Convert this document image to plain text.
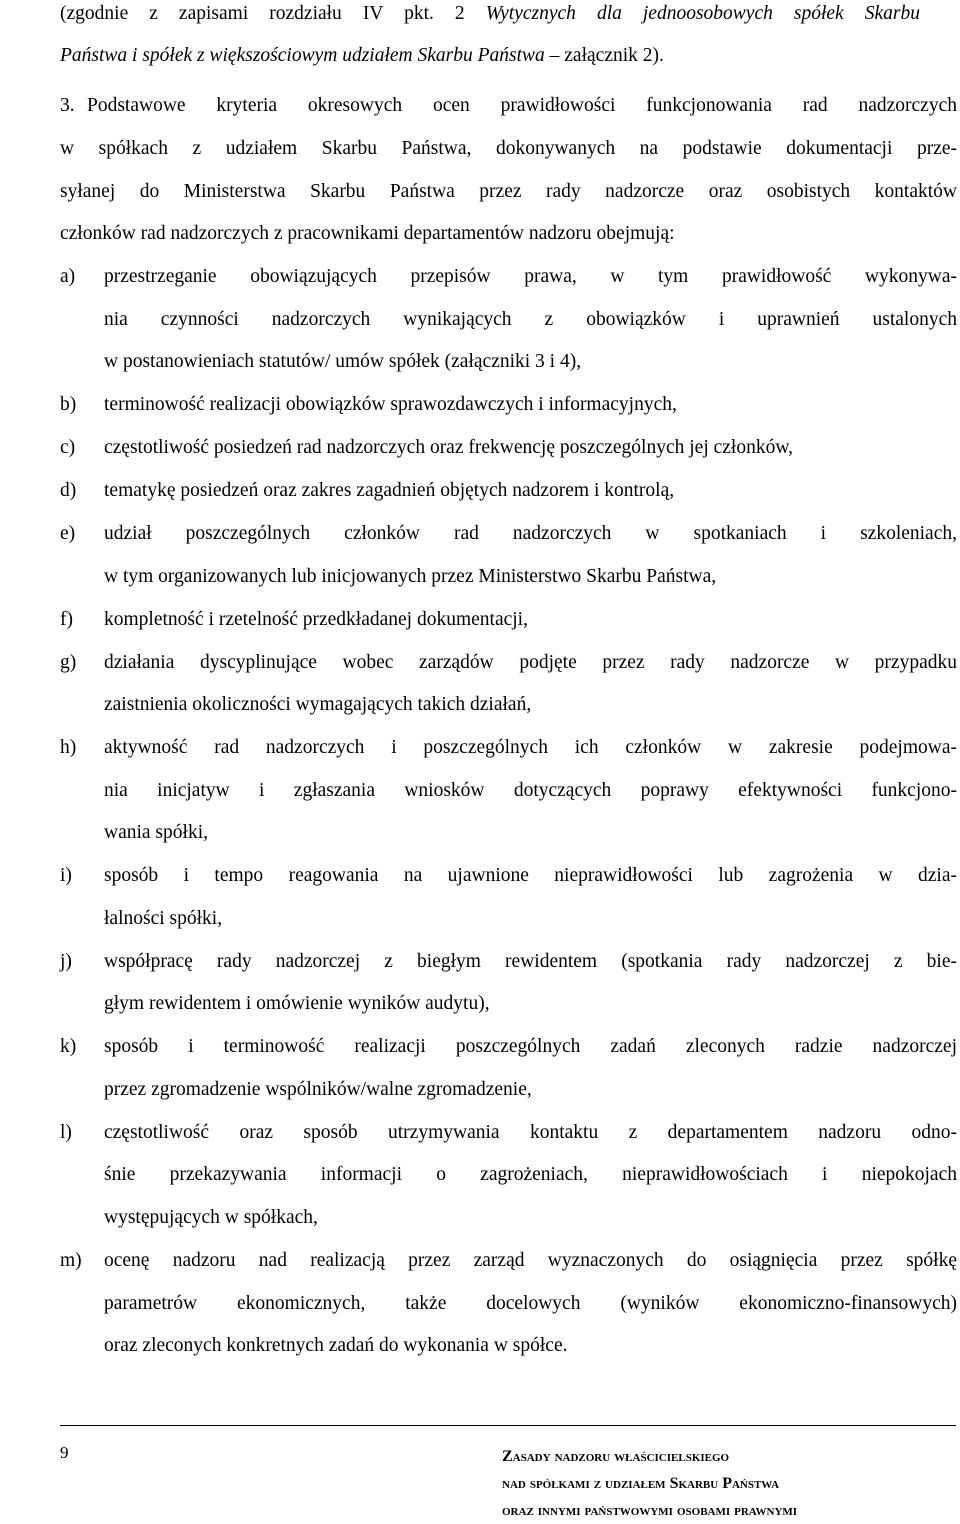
(zgodnie z zapisami rozdziału IV pkt. 2 Wytycznych dla jednoosobowych spółek Skarbu
Państwa i spółek z większościowym udziałem Skarbu Państwa – załącznik 2).
3. Podstawowe kryteria okresowych ocen prawidłowości funkcjonowania rad nadzorczych
w spółkach z udziałem Skarbu Państwa, dokonywanych na podstawie dokumentacji prze-
syłanej do Ministerstwa Skarbu Państwa przez rady nadzorcze oraz osobistych kontaktów
członków rad nadzorczych z pracownikami departamentów nadzoru obejmują:
a) przestrzeganie obowiązujących przepisów prawa, w tym prawidłowość wykonywa-
nia czynności nadzorczych wynikających z obowiązków i uprawnień ustalonych
w postanowieniach statutów/ umów spółek (załączniki 3 i 4),
b) terminowość realizacji obowiązków sprawozdawczych i informacyjnych,
c) częstotliwość posiedzeń rad nadzorczych oraz frekwencję poszczególnych jej członków,
d) tematykę posiedzeń oraz zakres zagadnień objętych nadzorem i kontrolą,
e) udział poszczególnych członków rad nadzorczych w spotkaniach i szkoleniach,
w tym organizowanych lub inicjowanych przez Ministerstwo Skarbu Państwa,
f) kompletność i rzetelność przedkładanej dokumentacji,
g) działania dyscyplinujące wobec zarządów podjęte przez rady nadzorcze w przypadku
zaistnienia okoliczności wymagających takich działań,
h) aktywność rad nadzorczych i poszczególnych ich członków w zakresie podejmowa-
nia inicjatyw i zgłaszania wniosków dotyczących poprawy efektywności funkcjono-
wania spółki,
i) sposób i tempo reagowania na ujawnione nieprawidłowości lub zagrożenia w dzia-
łalności spółki,
j) współpracę rady nadzorczej z biegłym rewidentem (spotkania rady nadzorczej z bie-
głym rewidentem i omówienie wyników audytu),
k) sposób i terminowość realizacji poszczególnych zadań zleconych radzie nadzorczej
przez zgromadzenie wspólników/walne zgromadzenie,
l) częstotliwość oraz sposób utrzymywania kontaktu z departamentem nadzoru odno-
śnie przekazywania informacji o zagrożeniach, nieprawidłowościach i niepokojach
występujących w spółkach,
m) ocenę nadzoru nad realizacją przez zarząd wyznaczonych do osiągnięcia przez spółkę
parametrów ekonomicznych, także docelowych (wyników ekonomiczno-finansowych)
oraz zleconych konkretnych zadań do wykonania w spółce.
9	Zasady nadzoru właścicielskiego
nad spółkami z udziałem Skarbu Państwa
oraz innymi państwowymi osobami prawnymi
